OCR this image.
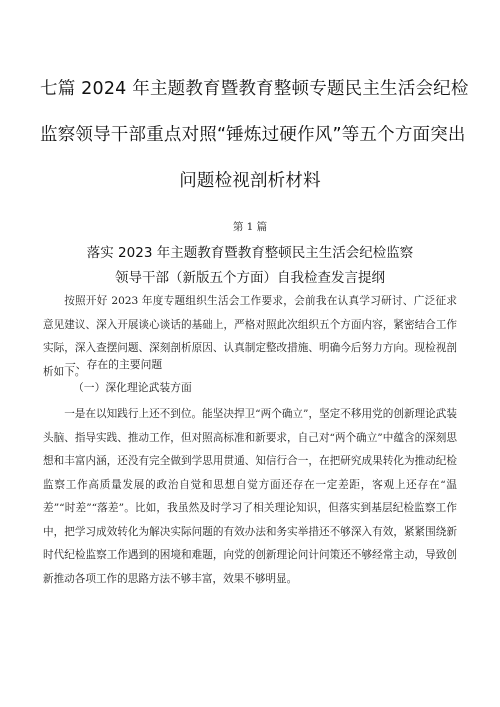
七篇 2024 年主题教育暨教育整顿专题民主生活会纪检
监察领导干部重点对照“锤炼过硬作风”等五个方面突出
问题检视剖析材料
第 1 篇
落实 2023 年主题教育暨教育整顿民主生活会纪检监察
领导干部（新版五个方面）自我检查发言提纲

按照开好 2023 年度专题组织生活会工作要求，会前我在认真学习研讨、广泛征求意见建议、深入开展谈心谈话的基础上，严格对照此次组织五个方面内容，紧密结合工作实际，深入查摆问题、深刻剖析原因、认真制定整改措施、明确今后努力方向。现检视剖析如下。

一、存在的主要问题
（一）深化理论武装方面

一是在以知践行上还不到位。能坚决捍卫“两个确立”，坚定不移用党的创新理论武装头脑、指导实践、推动工作，但对照高标准和新要求，自己对“两个确立”中蕴含的深刻思想和丰富内涵，还没有完全做到学思用贯通、知信行合一，在把研究成果转化为推动纪检监察工作高质量发展的政治自觉和思想自觉方面还存在一定差距，客观上还存在“温差”“时差”“落差”。比如，我虽然及时学习了相关理论知识，但落实到基层纪检监察工作中，把学习成效转化为解决实际问题的有效办法和务实举措还不够深入有效，紧紧围绕新时代纪检监察工作遇到的困境和难题，向党的创新理论问计问策还不够经常主动，导致创新推动各项工作的思路方法不够丰富，效果不够明显。
